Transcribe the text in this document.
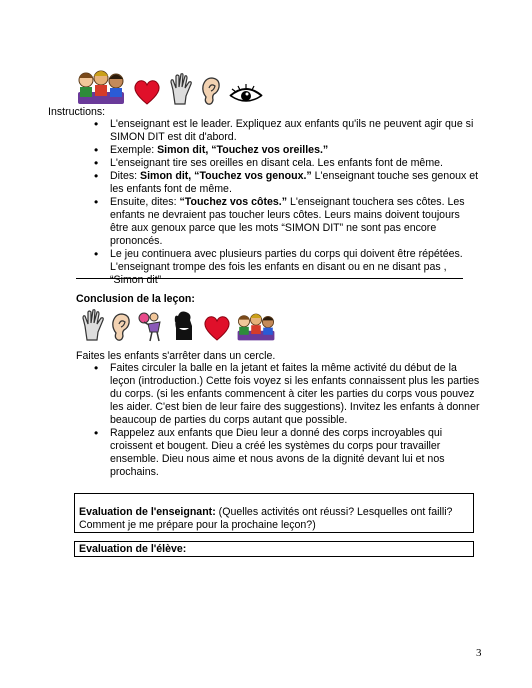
Instructions:
• L'enseignant est le leader. Expliquez aux enfants qu'ils ne peuvent agir que si SIMON DIT est dit d'abord.
• Exemple: Simon dit, “Touchez vos oreilles.”
• L'enseignant tire ses oreilles en disant cela. Les enfants font de même.
• Dites: Simon dit, “Touchez vos genoux.” L'enseignant touche ses genoux et les enfants font de même.
• Ensuite, dites: “Touchez vos côtes.” L'enseignant touchera ses côtes. Les enfants ne devraient pas toucher leurs côtes. Leurs mains doivent toujours être aux genoux parce que les mots “SIMON DIT” ne sont pas encore prononcés.
• Le jeu continuera avec plusieurs parties du corps qui doivent être répétées. L'enseignant trompe des fois les enfants en disant ou en ne disant pas , “Simon dit”
Conclusion de la leçon:
Faites les enfants s'arrêter dans un cercle.
• Faites circuler la balle en la jetant et faites la même activité du début de la leçon (introduction.) Cette fois voyez si les enfants connaissent plus les parties du corps. (si les enfants commencent à citer les parties du corps vous pouvez les aider. C'est bien de leur faire des suggestions). Invitez les enfants à donner beaucoup de parties du corps autant que possible.
• Rappelez aux enfants que Dieu leur a donné des corps incroyables qui croissent et bougent. Dieu a créé les systèmes du corps pour travailler ensemble. Dieu nous aime et nous avons de la dignité devant lui et nos prochains.
Evaluation de l'enseignant: (Quelles activités ont réussi? Lesquelles ont failli? Comment je me prépare pour la prochaine leçon?)
Evaluation de l'élève:
3
